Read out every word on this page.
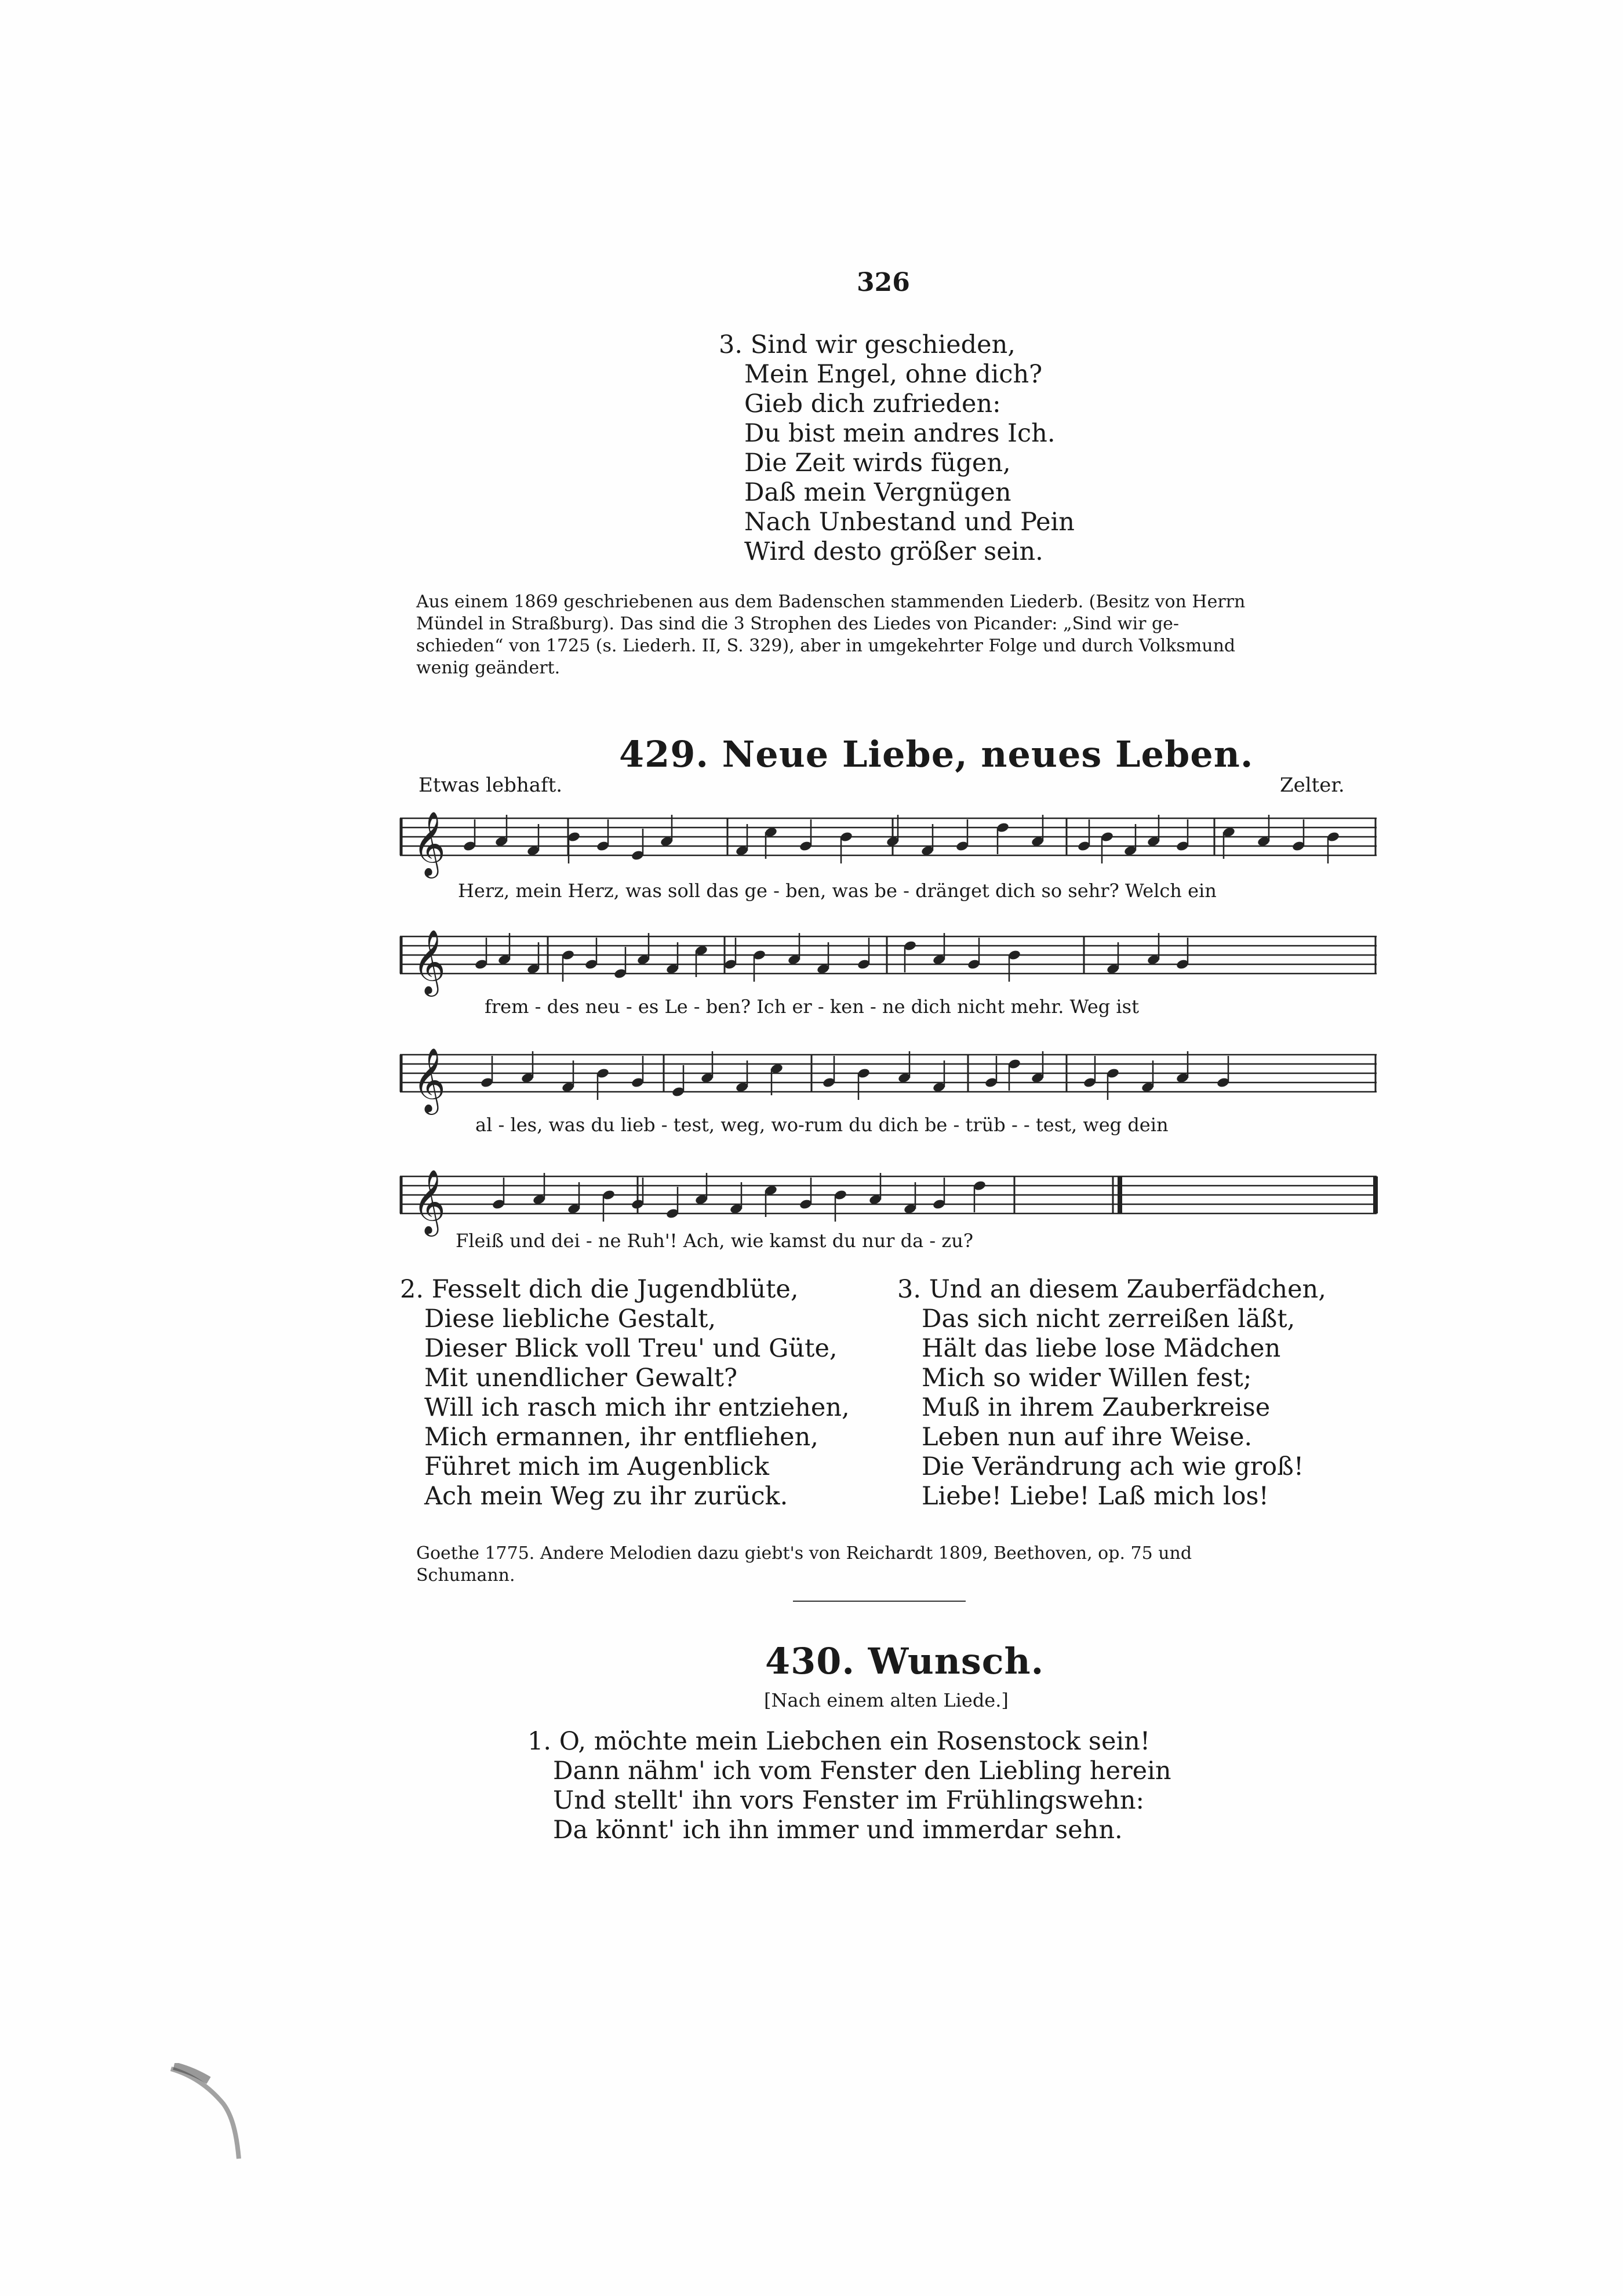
326
3. Sind wir geschieden,
Mein Engel, ohne dich?
Gieb dich zufrieden:
Du bist mein andres Ich.
Die Zeit wirds fügen,
Daß mein Vergnügen
Nach Unbestand und Pein
Wird desto größer sein.
Aus einem 1869 geschriebenen aus dem Badenschen stammenden Liederb. (Besitz von Herrn
Mündel in Straßburg). Das sind die 3 Strophen des Liedes von Picander: „Sind wir ge-
schieden“ von 1725 (s. Liederh. II, S. 329), aber in umgekehrter Folge und durch Volksmund
wenig geändert.
429. Neue Liebe, neues Leben.
Etwas lebhaft.	Zelter.
𝄞
Herz, mein Herz, was soll das ge - ben, was be - dränget dich so sehr? Welch ein
𝄞
frem - des neu - es Le - ben? Ich er - ken - ne dich nicht mehr. Weg ist
𝄞
al - les, was du lieb - test, weg, wo-rum du dich be - trüb - - test, weg dein
𝄞
Fleiß und dei - ne Ruh'! Ach, wie kamst du nur da - zu?
2. Fesselt dich die Jugendblüte,
Diese liebliche Gestalt,
Dieser Blick voll Treu' und Güte,
Mit unendlicher Gewalt?
Will ich rasch mich ihr entziehen,
Mich ermannen, ihr entfliehen,
Führet mich im Augenblick
Ach mein Weg zu ihr zurück.
3. Und an diesem Zauberfädchen,
Das sich nicht zerreißen läßt,
Hält das liebe lose Mädchen
Mich so wider Willen fest;
Muß in ihrem Zauberkreise
Leben nun auf ihre Weise.
Die Verändrung ach wie groß!
Liebe! Liebe! Laß mich los!
Goethe 1775. Andere Melodien dazu giebt's von Reichardt 1809, Beethoven, op. 75 und
Schumann.
430. Wunsch.
[Nach einem alten Liede.]
1. O, möchte mein Liebchen ein Rosenstock sein!
Dann nähm' ich vom Fenster den Liebling herein
Und stellt' ihn vors Fenster im Frühlingswehn:
Da könnt' ich ihn immer und immerdar sehn.
